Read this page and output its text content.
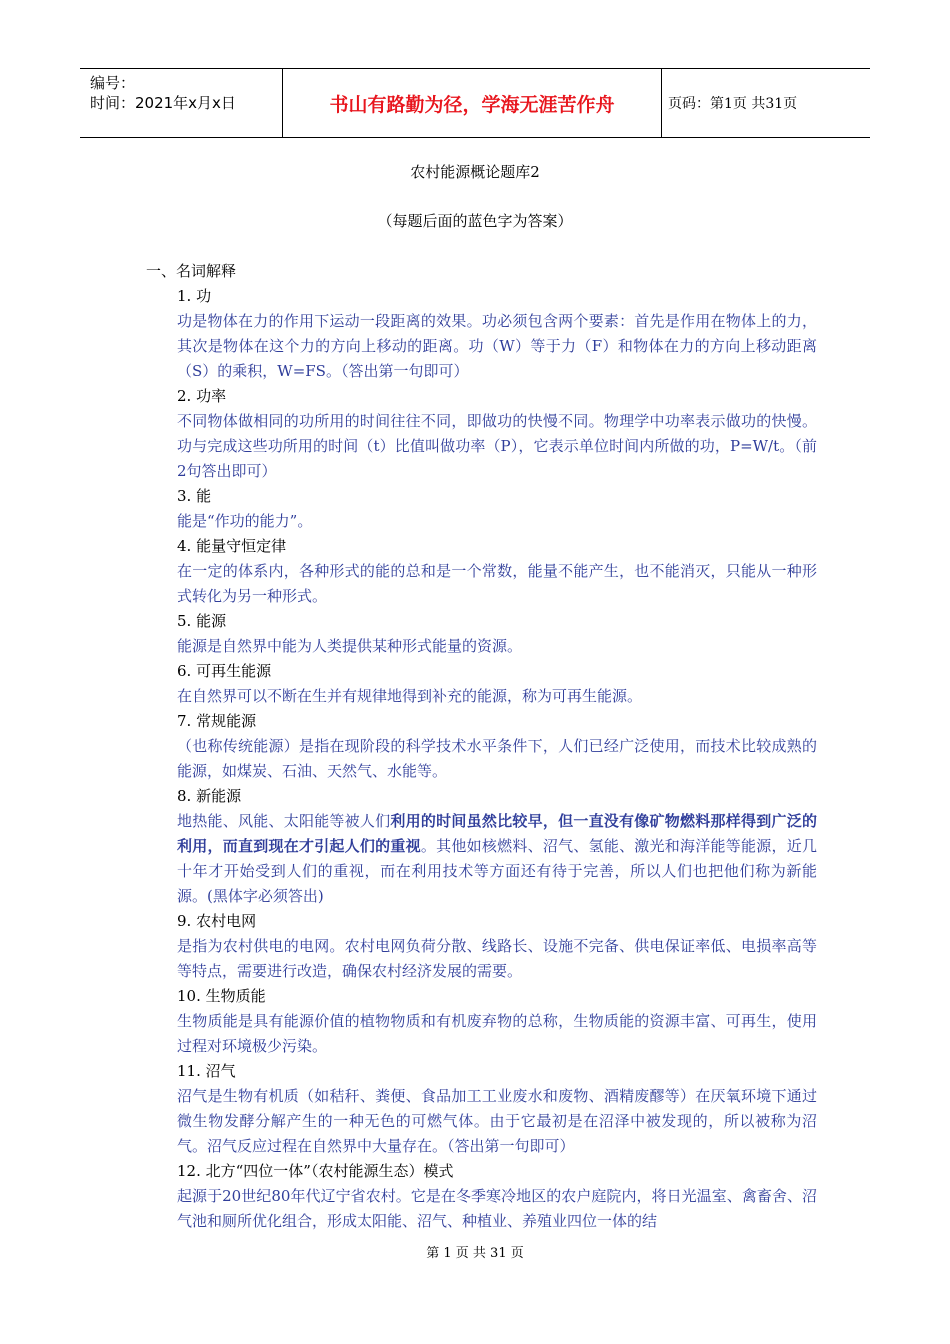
编号：
时间：2021年x月x日	书山有路勤为径，学海无涯苦作舟	页码：第1页 共31页
农村能源概论题库2
（每题后面的蓝色字为答案）

一、名词解释

1. 功

功是物体在力的作用下运动一段距离的效果。功必须包含两个要素：首先是作用在物体上的力，其次是物体在这个力的方向上移动的距离。功（W）等于力（F）和物体在力的方向上移动距离（S）的乘积，W=FS。（答出第一句即可）

2. 功率

不同物体做相同的功所用的时间往往不同，即做功的快慢不同。物理学中功率表示做功的快慢。功与完成这些功所用的时间（t）比值叫做功率（P），它表示单位时间内所做的功，P=W/t。（前2句答出即可）

3. 能

能是“作功的能力”。

4. 能量守恒定律

在一定的体系内，各种形式的能的总和是一个常数，能量不能产生，也不能消灭，只能从一种形式转化为另一种形式。

5. 能源

能源是自然界中能为人类提供某种形式能量的资源。

6. 可再生能源

在自然界可以不断在生并有规律地得到补充的能源，称为可再生能源。

7. 常规能源

（也称传统能源）是指在现阶段的科学技术水平条件下，人们已经广泛使用，而技术比较成熟的能源，如煤炭、石油、天然气、水能等。

8. 新能源

地热能、风能、太阳能等被人们利用的时间虽然比较早，但一直没有像矿物燃料那样得到广泛的利用，而直到现在才引起人们的重视。其他如核燃料、沼气、氢能、激光和海洋能等能源，近几十年才开始受到人们的重视，而在利用技术等方面还有待于完善，所以人们也把他们称为新能源。(黑体字必须答出)

9. 农村电网

是指为农村供电的电网。农村电网负荷分散、线路长、设施不完备、供电保证率低、电损率高等等特点，需要进行改造，确保农村经济发展的需要。

10. 生物质能

生物质能是具有能源价值的植物物质和有机废弃物的总称，生物质能的资源丰富、可再生，使用过程对环境极少污染。

11. 沼气

沼气是生物有机质（如秸秆、粪便、食品加工工业废水和废物、酒精废醪等）在厌氧环境下通过微生物发酵分解产生的一种无色的可燃气体。由于它最初是在沼泽中被发现的，所以被称为沼气。沼气反应过程在自然界中大量存在。（答出第一句即可）

12. 北方“四位一体”（农村能源生态）模式

起源于20世纪80年代辽宁省农村。它是在冬季寒冷地区的农户庭院内，将日光温室、禽畜舍、沼气池和厕所优化组合，形成太阳能、沼气、种植业、养殖业四位一体的结

第 1 页 共 31 页
